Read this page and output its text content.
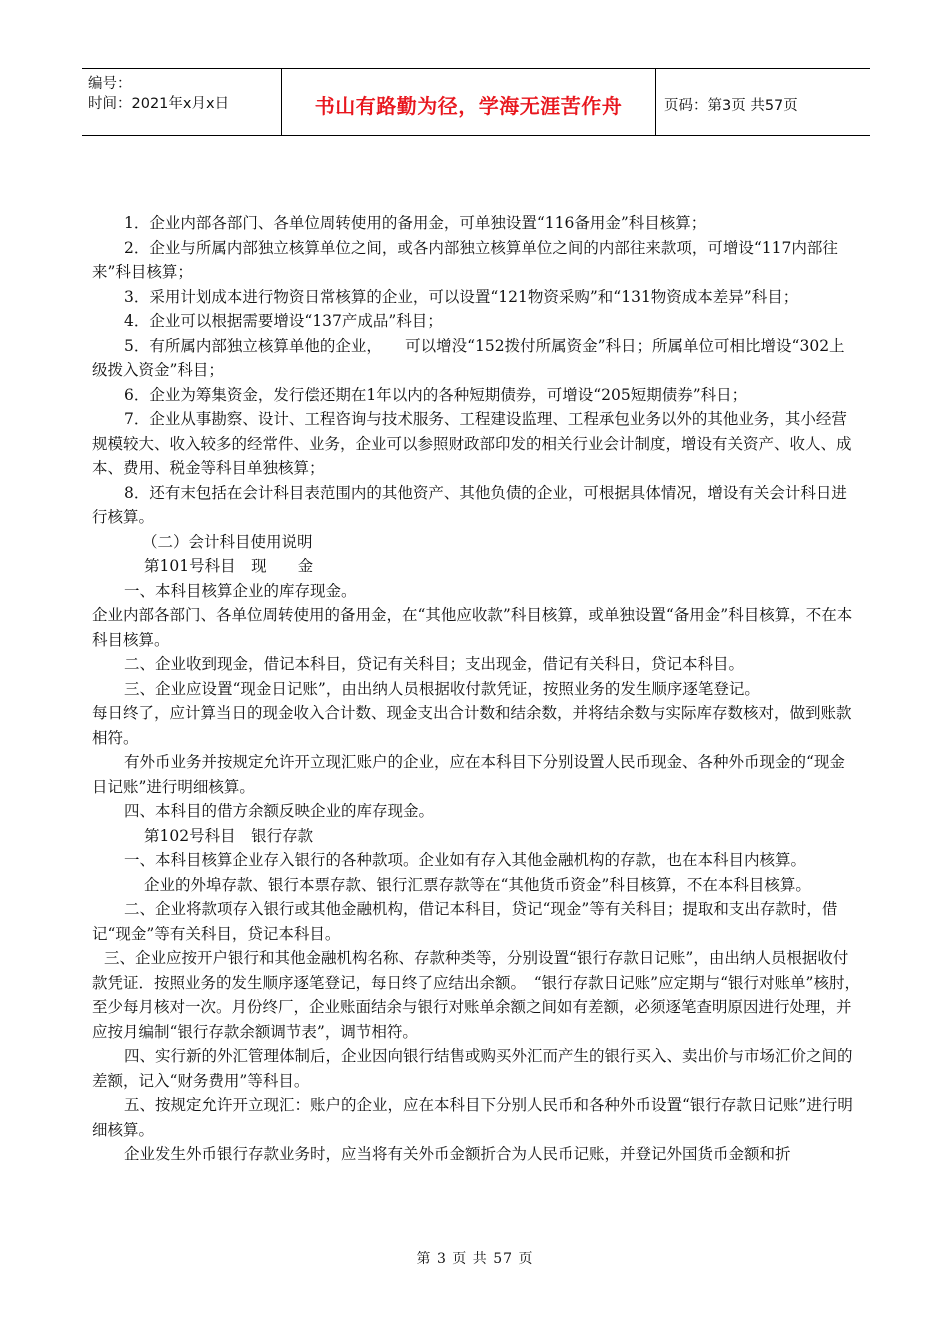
编号：
时间：2021年x月x日	书山有路勤为径，学海无涯苦作舟	页码：第3页 共57页

1．企业内部各部门、各单位周转使用的备用金，可单独设置“116备用金”科目核算；

2．企业与所属内部独立核算单位之间，或各内部独立核算单位之间的内部往来款项，可增设“117内部往来”科目核算；

3．采用计划成本进行物资日常核算的企业，可以设置“121物资采购”和“131物资成本差异”科目；

4．企业可以根据需要增设“137产成品”科目；

5．有所属内部独立核算单他的企业，　　可以增没“152拨付所属资金”科日；所属单位可相比增设“302上级拨入资金”科目；

6．企业为筹集资金，发行偿还期在1年以内的各种短期债券，可增设“205短期债券”科日；

7．企业从事勘察、设计、工程咨询与技术服务、工程建设监理、工程承包业务以外的其他业务，其小经营规模较大、收入较多的经常件、业务，企业可以参照财政部印发的相关行业会计制度，增设有关资产、收人、成本、费用、税金等科目单独核算；

8．还有末包括在会计科目表范围内的其他资产、其他负债的企业，可根据具体情况，增设有关会计科日进行核算。

（二）会计科目使用说明

第101号科目　现　　金

一、本科目核算企业的库存现金。

企业内部各部门、各单位周转使用的备用金，在“其他应收款”科目核算，或单独设置“备用金”科目核算，不在本科目核算。

二、企业收到现金，借记本科目，贷记有关科目；支出现金，借记有关科日，贷记本科目。

三、企业应设置“现金日记账”，由出纳人员根据收付款凭证，按照业务的发生顺序逐笔登记。

每日终了，应计算当日的现金收入合计数、现金支出合计数和结余数，并将结余数与实际库存数核对，做到账款相符。

有外币业务并按规定允许开立现汇账户的企业，应在本科目下分别设置人民币现金、各种外币现金的“现金日记账”进行明细核算。

四、本科目的借方余额反映企业的库存现金。

第102号科目　银行存款

一、本科目核算企业存入银行的各种款项。企业如有存入其他金融机构的存款，也在本科目内核算。

企业的外埠存款、银行本票存款、银行汇票存款等在“其他货币资金”科目核算，不在本科目核算。

二、企业将款项存入银行或其他金融机构，借记本科目，贷记“现金”等有关科目；提取和支出存款时，借记“现金”等有关科目，贷记本科目。

三、企业应按开户银行和其他金融机构名称、存款种类等，分别设置“银行存款日记账”，由出纳人员根据收付款凭证．按照业务的发生顺序逐笔登记，每日终了应结出余额。　“银行存款日记账”应定期与“银行对账单”核肘，至少每月核对一次。月份终厂，企业账面结余与银行对账单余额之间如有差额，必须逐笔查明原因进行处理，并应按月编制“银行存款余额调节表”，调节相符。

四、实行新的外汇管理体制后，企业因向银行结售或购买外汇而产生的银行买入、卖出价与市场汇价之间的差额，记入“财务费用”等科目。

五、按规定允许开立现汇：账户的企业，应在本科目下分别人民币和各种外币设置“银行存款日记账”进行明细核算。

企业发生外币银行存款业务时，应当将有关外币金额折合为人民币记账，并登记外国货币金额和折

第 3 页 共 57 页
